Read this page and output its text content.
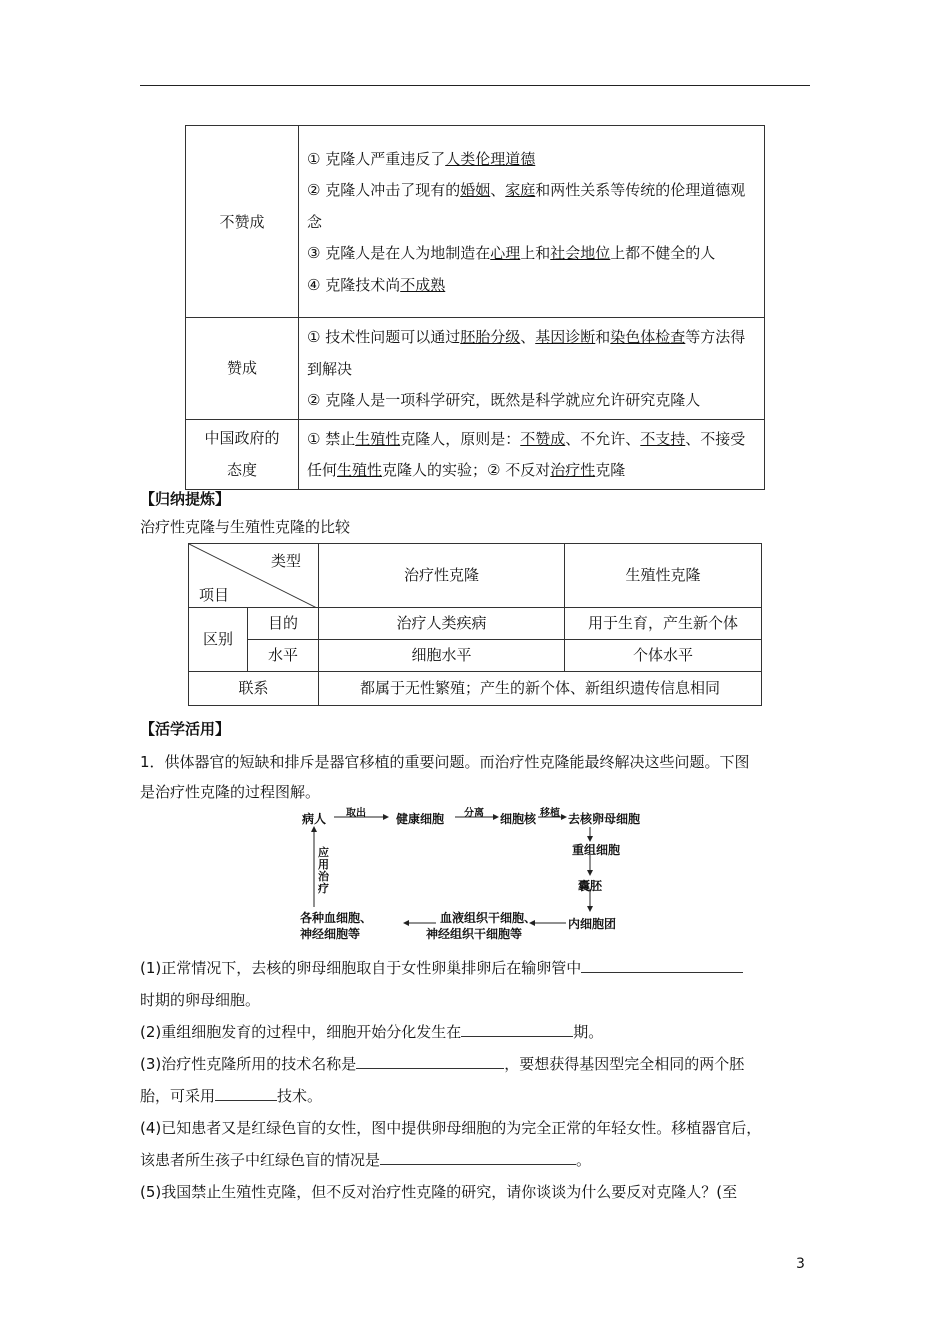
不赞成	① 克隆人严重违反了人类伦理道德
② 克隆人冲击了现有的婚姻、家庭和两性关系等传统的伦理道德观念
③ 克隆人是在人为地制造在心理上和社会地位上都不健全的人
④ 克隆技术尚不成熟

赞成	① 技术性问题可以通过胚胎分级、基因诊断和染色体检查等方法得到解决
② 克隆人是一项科学研究，既然是科学就应允许研究克隆人

中国政府的
态度	① 禁止生殖性克隆人，原则是：不赞成、不允许、不支持、不接受任何生殖性克隆人的实验；② 不反对治疗性克隆
【归纳提炼】
治疗性克隆与生殖性克隆的比较
类型
项目		治疗性克隆	生殖性克隆
区别	目的	治疗人类疾病	用于生育，产生新个体
	水平	细胞水平	个体水平
联系		都属于无性繁殖；产生的新个体、新组织遗传信息相同	
【活学活用】
1．供体器官的短缺和排斥是器官移植的重要问题。而治疗性克隆能最终解决这些问题。下图
是治疗性克隆的过程图解。
病人 取出	健康细胞 分离 细胞核 移植 去核卵母细胞
重组细胞
囊胚
内细胞团
血液组织干细胞、
神经组织干细胞等
各种血细胞、
神经细胞等
应用治疗
(1)正常情况下，去核的卵母细胞取自于女性卵巢排卵后在输卵管中
时期的卵母细胞。
(2)重组细胞发育的过程中，细胞开始分化发生在	期。
(3)治疗性克隆所用的技术名称是	，要想获得基因型完全相同的两个胚
胎，可采用	技术。
(4)已知患者又是红绿色盲的女性，图中提供卵母细胞的为完全正常的年轻女性。移植器官后，
该患者所生孩子中红绿色盲的情况是	。
(5)我国禁止生殖性克隆，但不反对治疗性克隆的研究，请你谈谈为什么要反对克隆人？(至
3
